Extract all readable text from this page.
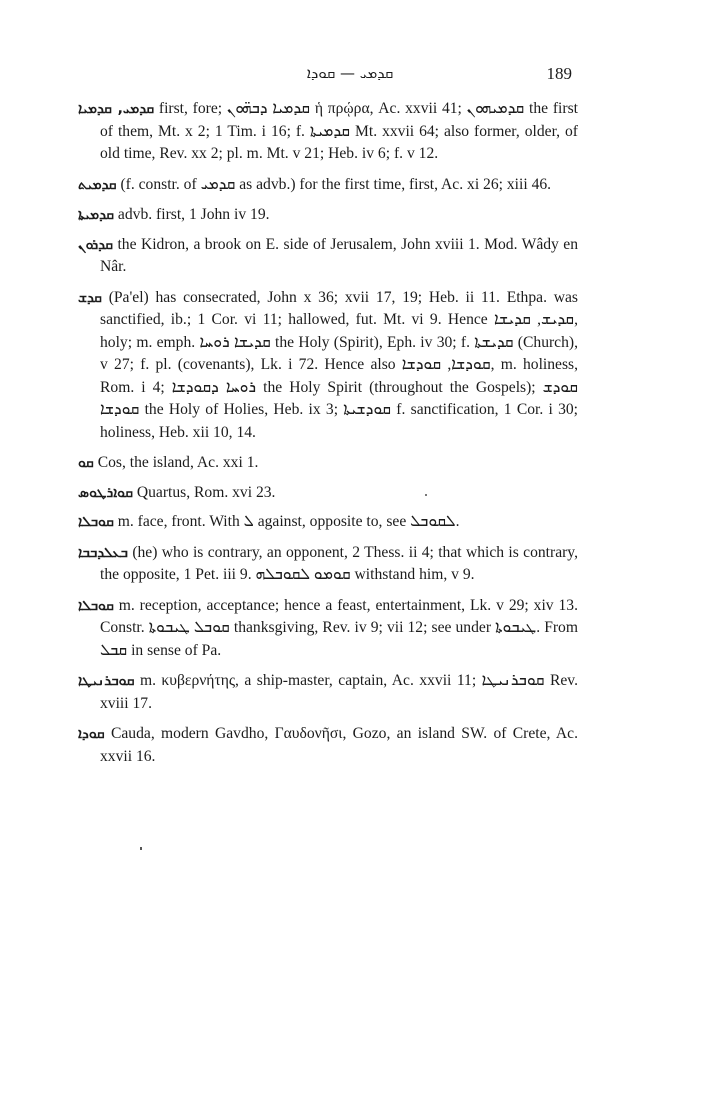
ܩܕܡܝ — ܩܘܕܐ	189

ܩܕܡܝ, ܩܕܡܝܐ first, fore; ܩܕܡܝܐ ܕܒܗ̈ܘܢ ἡ πρῴρα, Ac. xxvii 41; ܩܕܡܝܗܘܢ the first of them, Mt. x 2; 1 Tim. i 16; f. ܩܕܡܝܬܐ Mt. xxvii 64; also former, older, of old time, Rev. xx 2; pl. m. Mt. v 21; Heb. iv 6; f. v 12.

ܩܕܡܝܬ (f. constr. of ܩܕܡܝ as advb.) for the first time, first, Ac. xi 26; xiii 46.

ܩܕܡܝܬܐ advb. first, 1 John iv 19.

ܩܕܪܘܢ the Kidron, a brook on E. side of Jerusalem, John xviii 1. Mod. Wâdy en Nâr.

ܩܕܫ (Pa'el) has consecrated, John x 36; xvii 17, 19; Heb. ii 11. Ethpa. was sanctified, ib.; 1 Cor. vi 11; hallowed, fut. Mt. vi 9. Hence ܩܕܝܫ, ܩܕܝܫܐ, holy; m. emph. ܩܕܝܫܐ ܪܘܚܐ the Holy (Spirit), Eph. iv 30; f. ܩܕܝܫܬܐ (Church), v 27; f. pl. (covenants), Lk. i 72. Hence also ܩܘܕܫܐ, ܩܘܕܫܐ, m. holiness, Rom. i 4; ܪܘܚܐ ܕܩܘܕܫܐ the Holy Spirit (throughout the Gospels); ܩܘܕܫ ܩܘܕܫܐ the Holy of Holies, Heb. ix 3; ܩܘܕܫܝܬܐ f. sanctification, 1 Cor. i 30; holiness, Heb. xii 10, 14.

ܩܘ Cos, the island, Ac. xxi 1.

ܩܘܐܪܛܘܣ Quartus, Rom. xvi 23.

ܩܘܒܠܐ m. face, front. With ܠ against, opposite to, see ܠܩܘܒܠ.

ܒܥܠܕܒܒܐ (he) who is contrary, an opponent, 2 Thess. ii 4; that which is contrary, the opposite, 1 Pet. iii 9. ܩܘܡܘ ܠܩܘܒܠܗ withstand him, v 9.

ܩܘܒܠܐ m. reception, acceptance; hence a feast, entertainment, Lk. v 29; xiv 13. Constr. ܩܘܒܠ ܛܝܒܘܬܐ thanksgiving, Rev. iv 9; vii 12; see under ܛܝܒܘܬܐ. From ܩܒܠ in sense of Pa.

ܩܘܒܪܢܝܛܐ m. κυβερνήτης, a ship-master, captain, Ac. xxvii 11; ܩܘܒܪܢܝܛܐ Rev. xviii 17.

ܩܘܕܐ Cauda, modern Gavdho, Γαυδονῆσι, Gozo, an island SW. of Crete, Ac. xxvii 16.
